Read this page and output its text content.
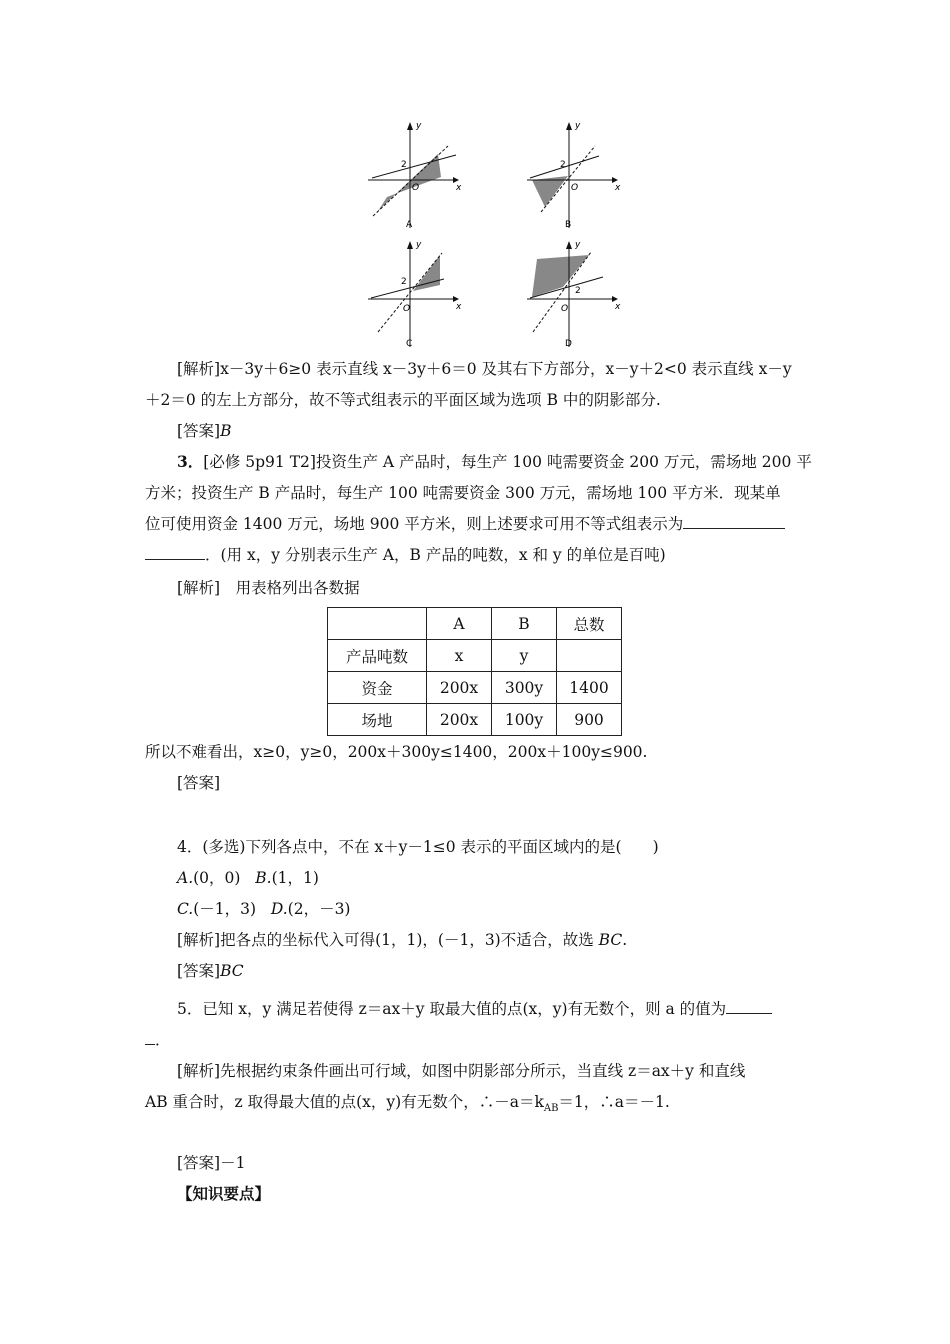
y
x
O
2
A
y
x
O
2
B
y
x
O
2
C
y
x
O
2
D
[解析]x－3y＋6≥0 表示直线 x－3y＋6＝0 及其右下方部分，x－y＋2<0 表示直线 x－y
＋2＝0 的左上方部分，故不等式组表示的平面区域为选项 B 中的阴影部分.
[答案]B
3．[必修 5p91 T2]投资生产 A 产品时，每生产 100 吨需要资金 200 万元，需场地 200 平
方米；投资生产 B 产品时，每生产 100 吨需要资金 300 万元，需场地 100 平方米．现某单
位可使用资金 1400 万元，场地 900 平方米，则上述要求可用不等式组表示为
．(用 x，y 分别表示生产 A，B 产品的吨数，x 和 y 的单位是百吨)
[解析]　用表格列出各数据
	A	B	总数
产品吨数	x	y	
资金	200x	300y	1400
场地	200x	100y	900
所以不难看出，x≥0，y≥0，200x＋300y≤1400，200x＋100y≤900.
[答案]
4．(多选)下列各点中，不在 x＋y－1≤0 表示的平面区域内的是(　　)
A.(0，0) B.(1，1)
C.(－1，3) D.(2，－3)
[解析]把各点的坐标代入可得(1，1)，(－1，3)不适合，故选 BC.
[答案]BC
5．已知 x，y 满足若使得 z＝ax＋y 取最大值的点(x，y)有无数个，则 a 的值为
．
[解析]先根据约束条件画出可行域，如图中阴影部分所示，当直线 z＝ax＋y 和直线
AB 重合时，z 取得最大值的点(x，y)有无数个，$\therefore-a=k_{AB}=1$，∴a＝－1.
[答案]－1
【知识要点】
